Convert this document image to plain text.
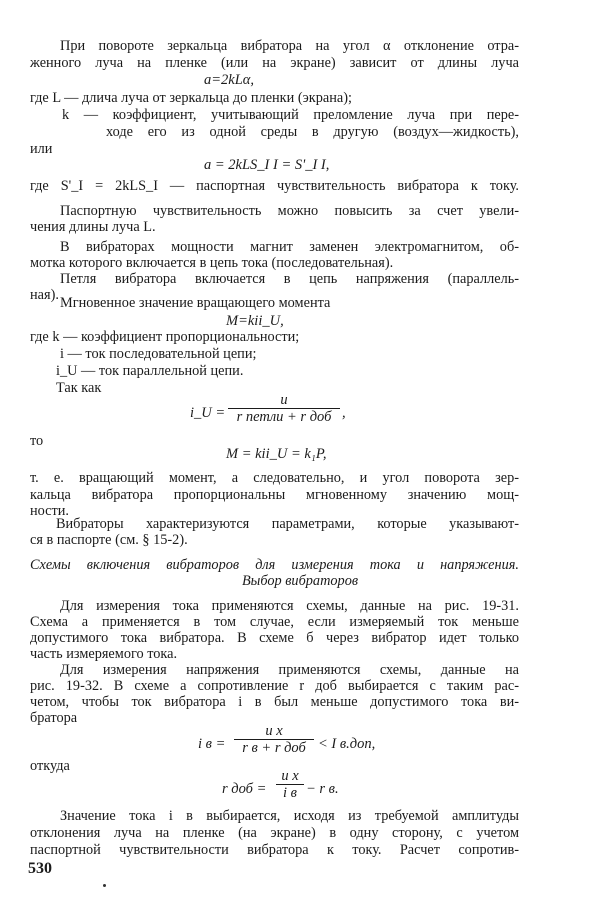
При повороте зеркальца вибратора на угол α отклонение отра-
женного луча на пленке (или на экране) зависит от длины луча
a=2kLα,
где L — длича луча от зеркальца до пленки (экрана);
k — коэффициент, учитывающий преломление луча при пере-
ходе его из одной среды в другую (воздух—жидкость),
или
a = 2kLS_I I = S'_I I,
где S'_I = 2kLS_I — паспортная чувствительность вибратора к току.
Паспортную чувствительность можно повысить за счет увели-
чения длины луча L.
В вибраторах мощности магнит заменен электромагнитом, об-
мотка которого включается в цепь тока (последовательная).
Петля вибратора включается в цепь напряжения (параллель-
ная). Мгновенное значение вращающего момента
M=kii_U,
где k — коэффициент пропорциональности;
i — ток последовательной цепи;
i_U — ток параллельной цепи.
Так как
i_U =
u
r петли + r доб ,
то
M = kii_U = k₁P,
т. е. вращающий момент, а следовательно, и угол поворота зер-
кальца вибратора пропорциональны мгновенному значению мощ-
ности.
Вибраторы характеризуются параметрами, которые указывают-
ся в паспорте (см. § 15-2).
Схемы включения вибраторов для измерения тока и напряжения.
Выбор вибраторов
Для измерения тока применяются схемы, данные на рис. 19-31.
Схема а применяется в том случае, если измеряемый ток меньше
допустимого тока вибратора. В схеме б через вибратор идет только
часть измеряемого тока.
Для измерения напряжения применяются схемы, данные на
рис. 19-32. В схеме а сопротивление r доб выбирается с таким рас-
четом, чтобы ток вибратора i в был меньше допустимого тока ви-
братора
i в =
u x
r в + r доб < I в.доп,
откуда
r доб =
u x
i в − r в.
Значение тока i в выбирается, исходя из требуемой амплитуды
отклонения луча на пленке (на экране) в одну сторону, с учетом
паспортной чувствительности вибратора к току. Расчет сопротив-
530
